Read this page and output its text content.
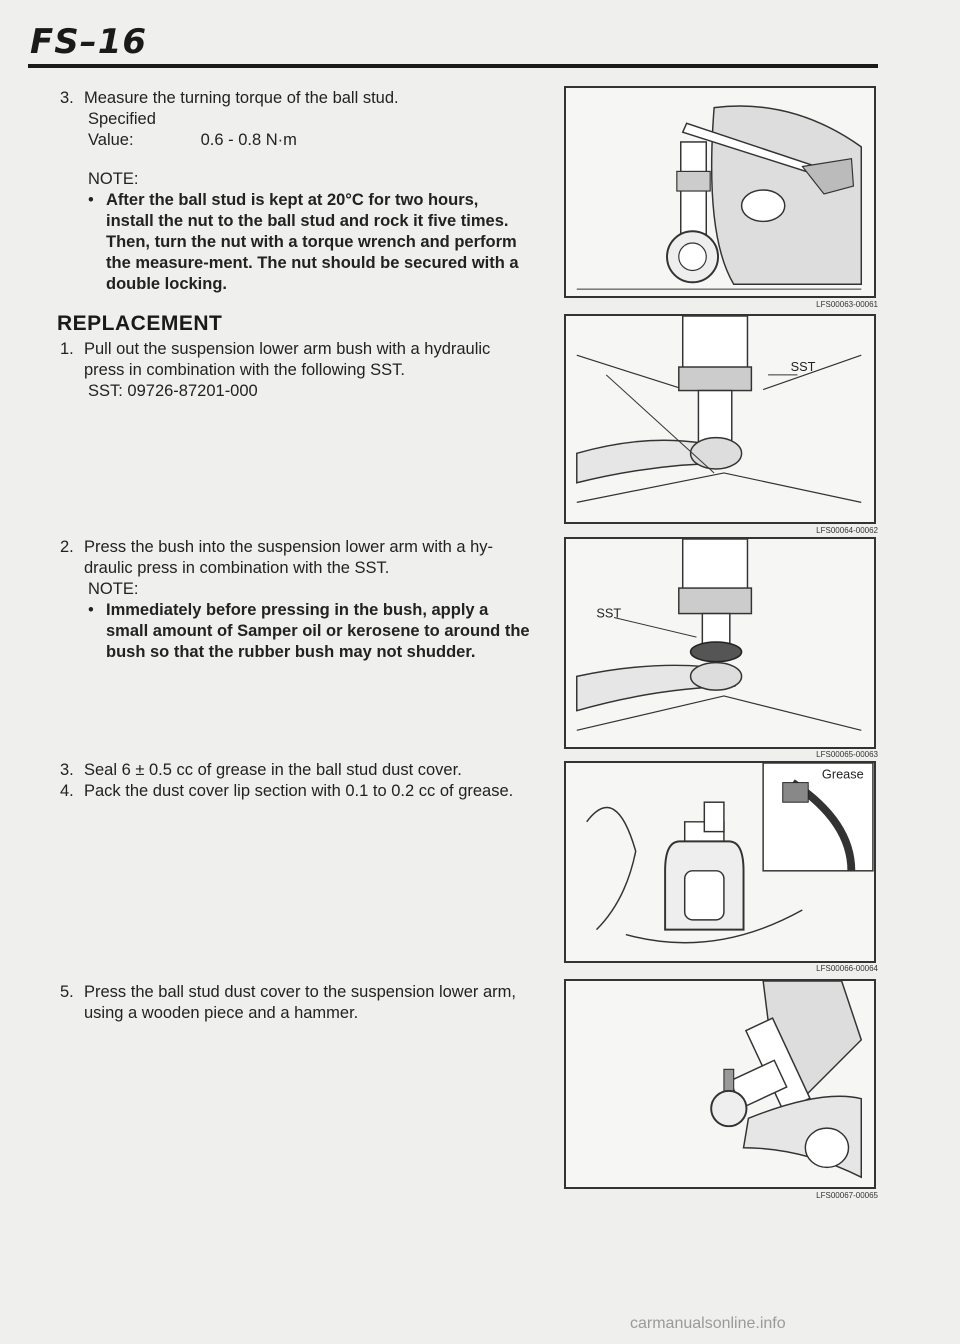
FS–16
3. Measure the turning torque of the ball stud.
Specified Value:	0.6 - 0.8 N·m
NOTE:
• After the ball stud is kept at 20°C for two hours, install the nut to the ball stud and rock it five times. Then, turn the nut with a torque wrench and perform the measure-ment. The nut should be secured with a double locking.
REPLACEMENT
1. Pull out the suspension lower arm bush with a hydraulic press in combination with the following SST.
SST: 09726-87201-000
2. Press the bush into the suspension lower arm with a hy-draulic press in combination with the SST.
NOTE:
• Immediately before pressing in the bush, apply a small amount of Samper oil or kerosene to around the bush so that the rubber bush may not shudder.
3. Seal 6 ± 0.5 cc of grease in the ball stud dust cover.
4. Pack the dust cover lip section with 0.1 to 0.2 cc of grease.
5. Press the ball stud dust cover to the suspension lower arm, using a wooden piece and a hammer.
LFS00063-00061
SST
LFS00064-00062
SST
LFS00065-00063
Grease
LFS00066-00064
LFS00067-00065
carmanualsonline.info
